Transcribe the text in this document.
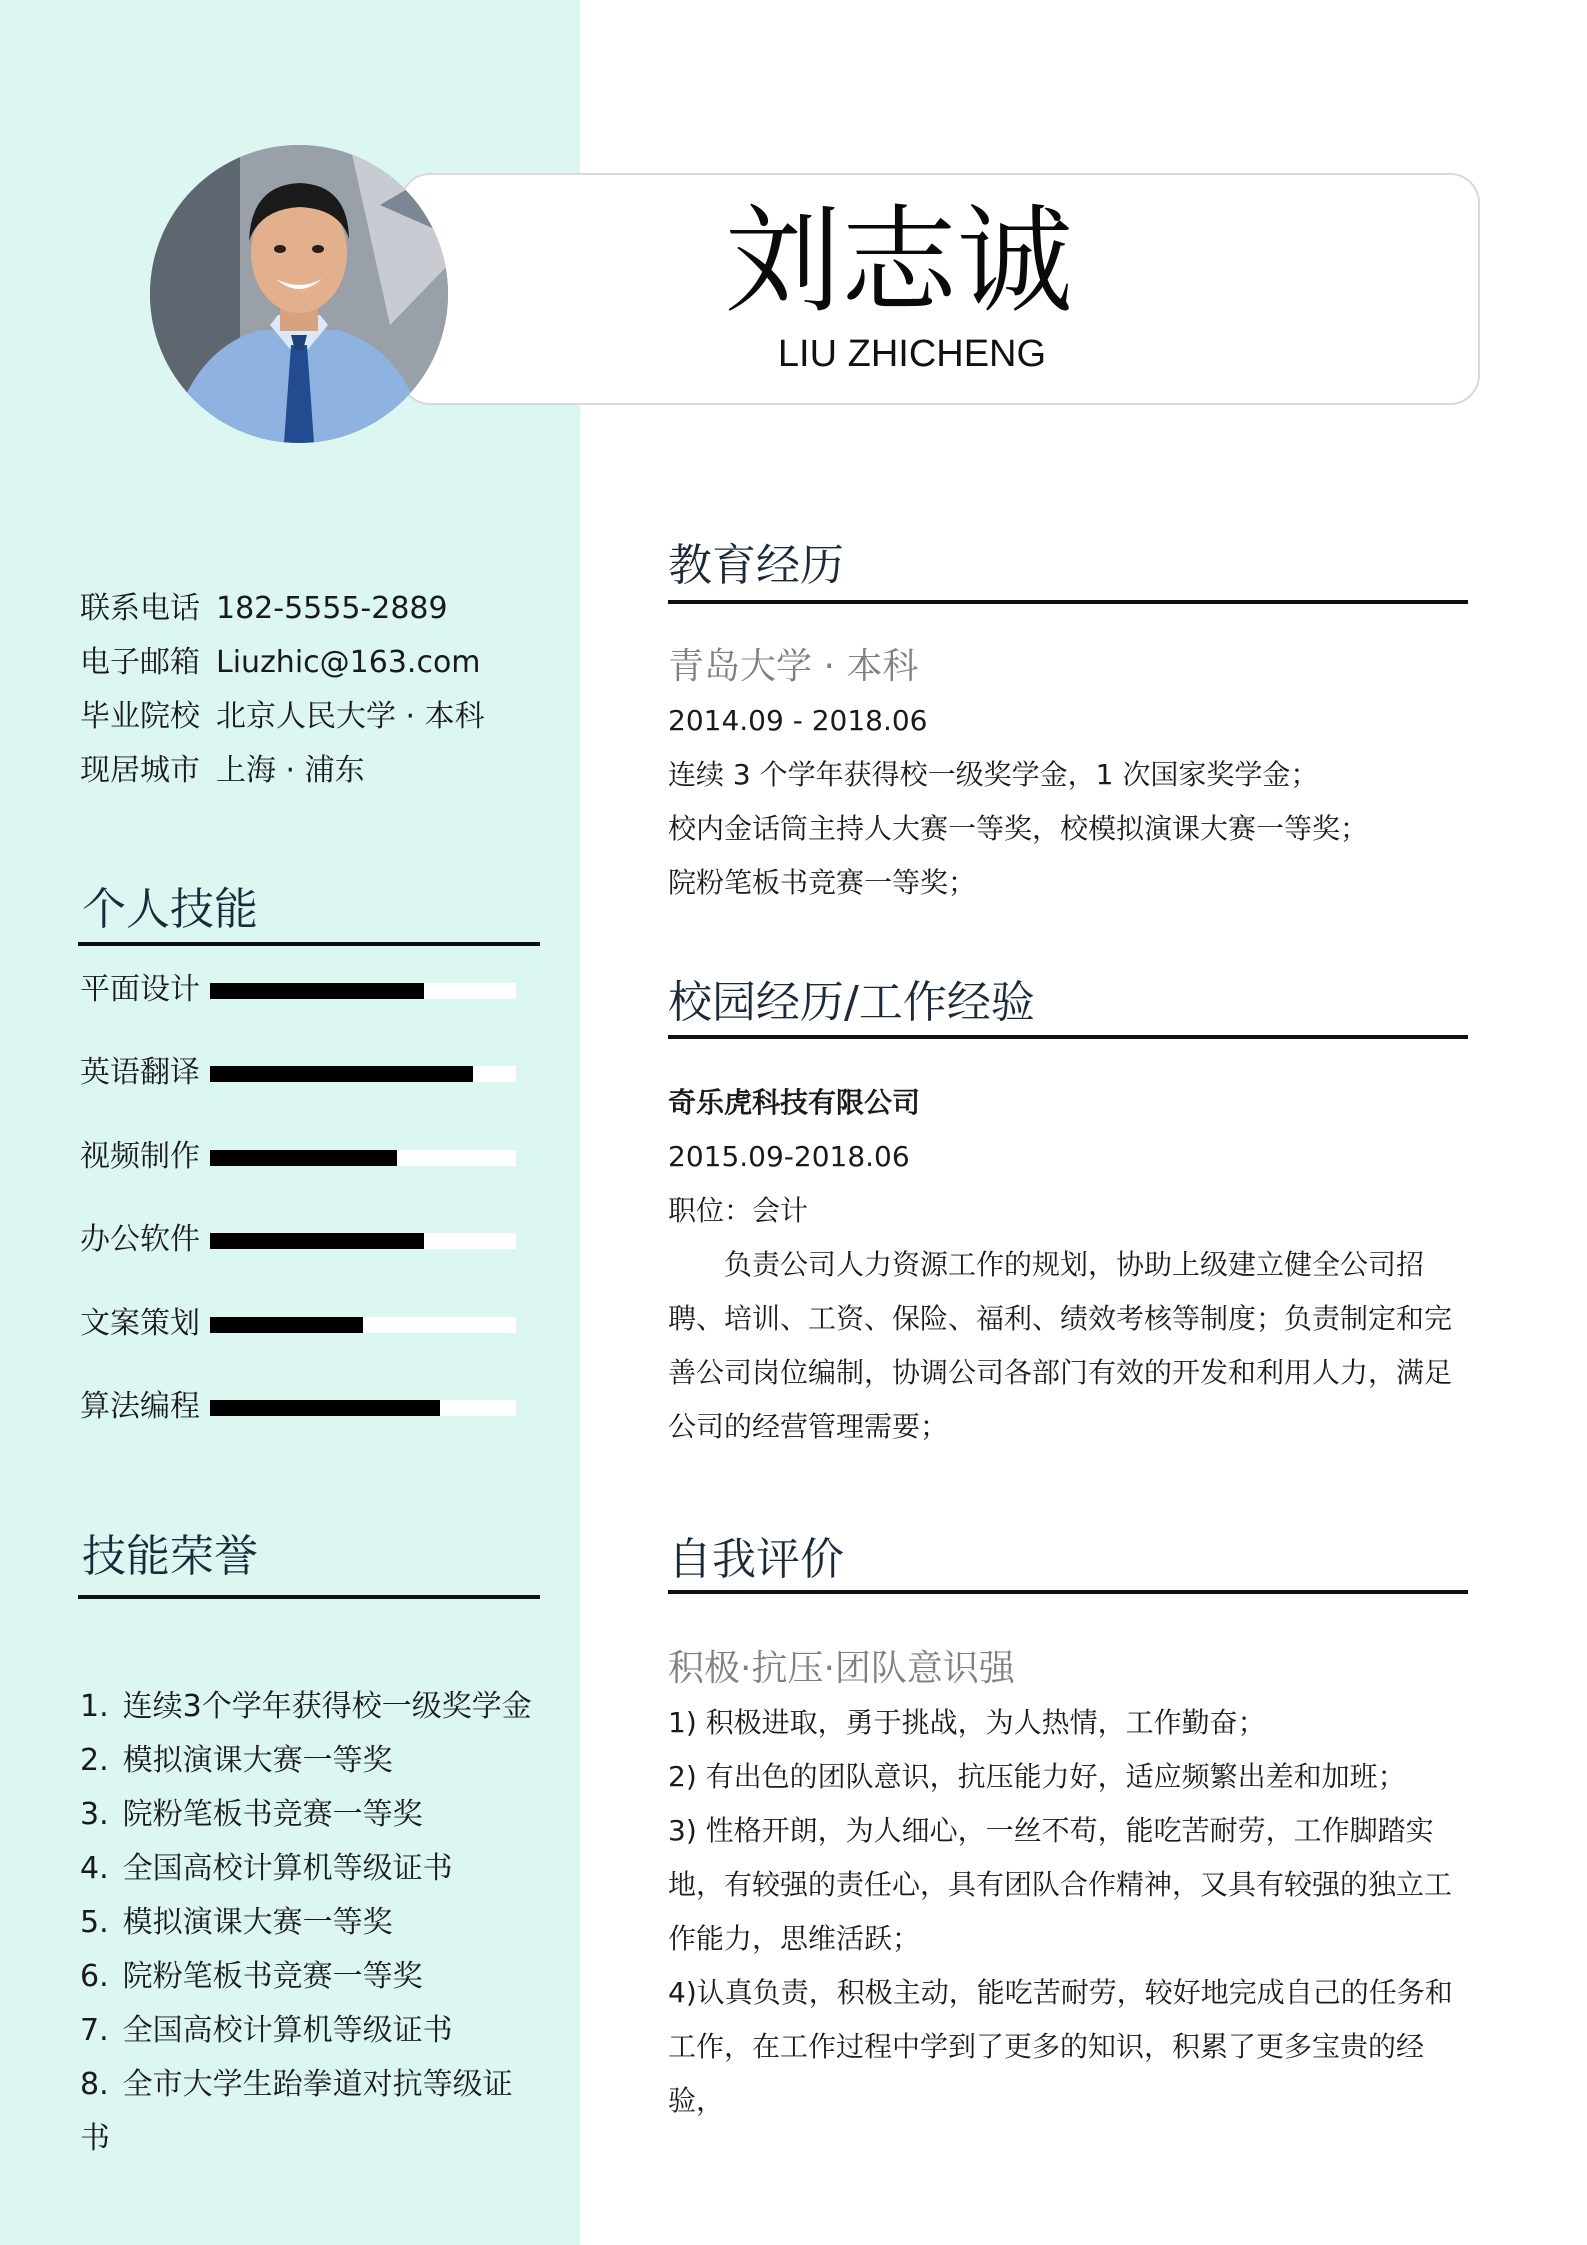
刘志诚
LIU ZHICHENG
联系电话 182-5555-2889
电子邮箱 Liuzhic@163.com
毕业院校 北京人民大学 · 本科
现居城市 上海 · 浦东
个人技能
平面设计
英语翻译
视频制作
办公软件
文案策划
算法编程
技能荣誉
1. 连续3个学年获得校一级奖学金
2. 模拟演课大赛一等奖
3. 院粉笔板书竞赛一等奖
4. 全国高校计算机等级证书
5. 模拟演课大赛一等奖
6. 院粉笔板书竞赛一等奖
7. 全国高校计算机等级证书
8. 全市大学生跆拳道对抗等级证书
教育经历
青岛大学 · 本科
2014.09 - 2018.06
连续 3 个学年获得校一级奖学金，1 次国家奖学金；
校内金话筒主持人大赛一等奖，校模拟演课大赛一等奖；
院粉笔板书竞赛一等奖；
校园经历/工作经验
奇乐虎科技有限公司
2015.09-2018.06
职位：会计
负责公司人力资源工作的规划，协助上级建立健全公司招聘、培训、工资、保险、福利、绩效考核等制度；负责制定和完善公司岗位编制，协调公司各部门有效的开发和利用人力，满足公司的经营管理需要；
自我评价
积极·抗压·团队意识强
1) 积极进取，勇于挑战，为人热情，工作勤奋；
2) 有出色的团队意识，抗压能力好，适应频繁出差和加班；
3) 性格开朗，为人细心，一丝不苟，能吃苦耐劳，工作脚踏实地，有较强的责任心，具有团队合作精神，又具有较强的独立工作能力，思维活跃；
4)认真负责，积极主动，能吃苦耐劳，较好地完成自己的任务和工作，在工作过程中学到了更多的知识，积累了更多宝贵的经验，
